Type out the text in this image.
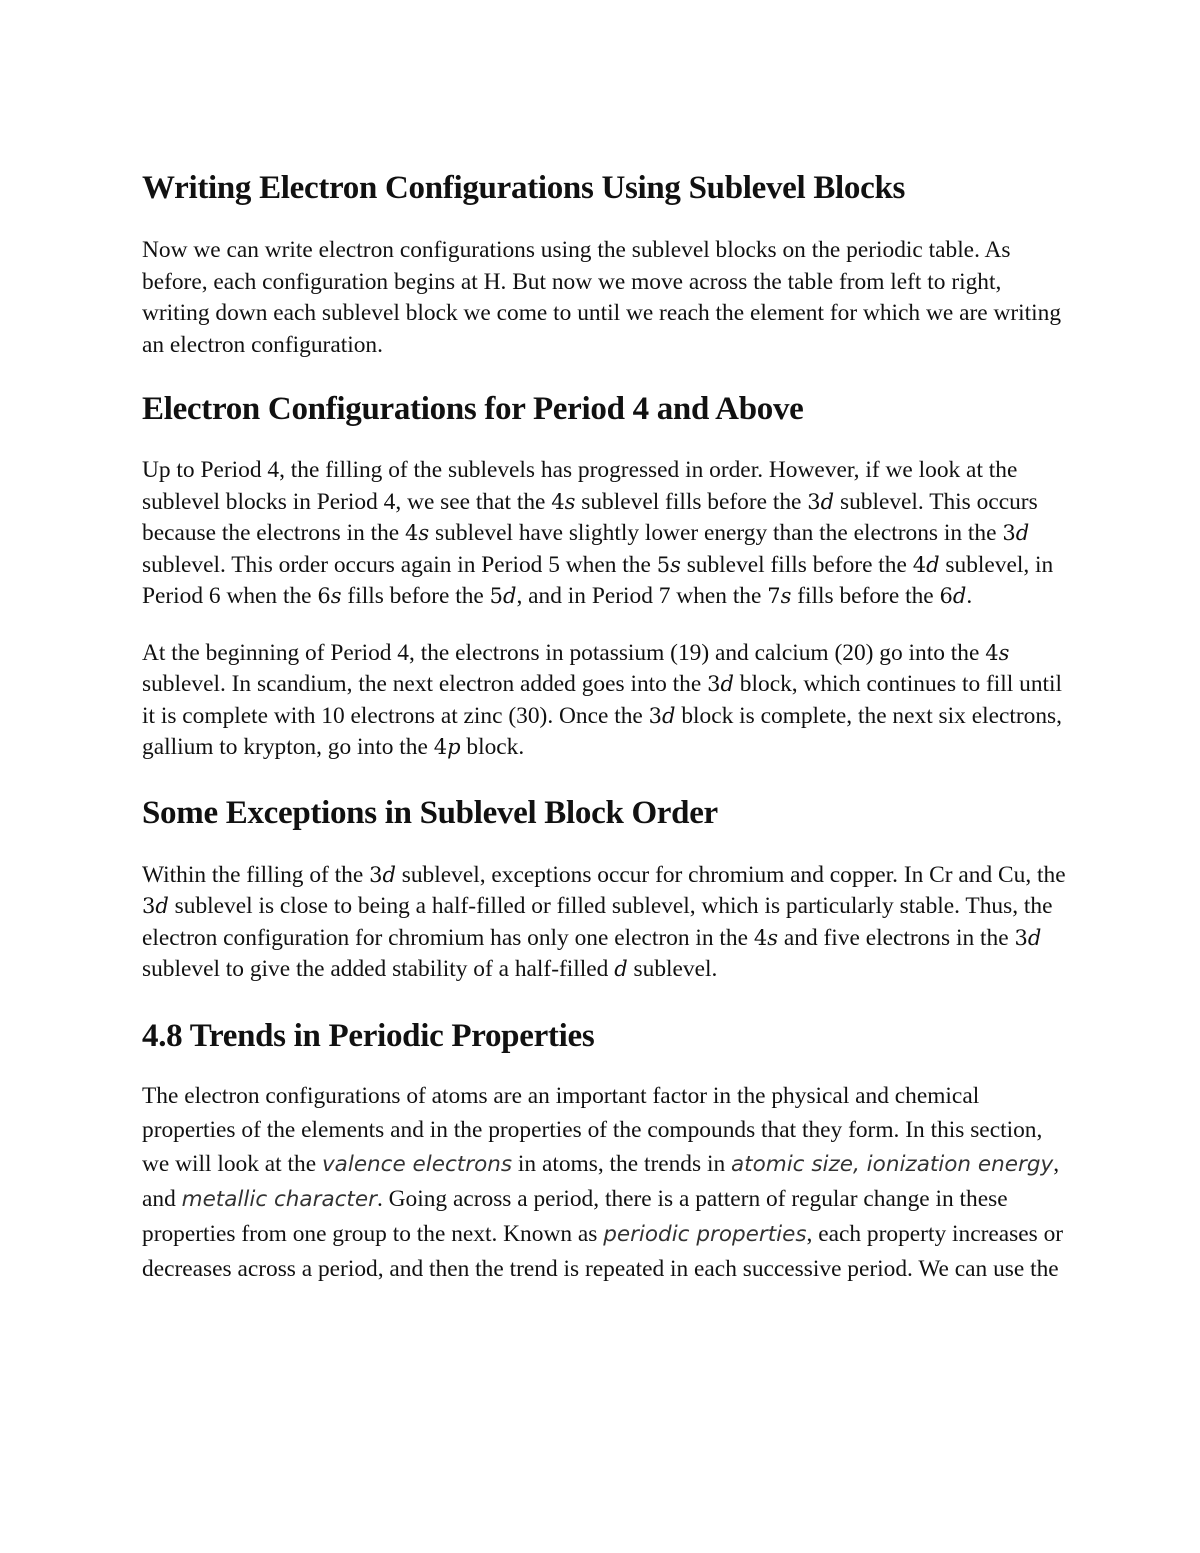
Writing Electron Configurations Using Sublevel Blocks

Now we can write electron configurations using the sublevel blocks on the periodic table. As before, each configuration begins at H. But now we move across the table from left to right, writing down each sublevel block we come to until we reach the element for which we are writing an electron configuration.

Electron Configurations for Period 4 and Above

Up to Period 4, the filling of the sublevels has progressed in order. However, if we look at the sublevel blocks in Period 4, we see that the 4s sublevel fills before the 3d sublevel. This occurs because the electrons in the 4s sublevel have slightly lower energy than the electrons in the 3d sublevel. This order occurs again in Period 5 when the 5s sublevel fills before the 4d sublevel, in Period 6 when the 6s fills before the 5d, and in Period 7 when the 7s fills before the 6d.

At the beginning of Period 4, the electrons in potassium (19) and calcium (20) go into the 4s sublevel. In scandium, the next electron added goes into the 3d block, which continues to fill until it is complete with 10 electrons at zinc (30). Once the 3d block is complete, the next six electrons, gallium to krypton, go into the 4p block.

Some Exceptions in Sublevel Block Order

Within the filling of the 3d sublevel, exceptions occur for chromium and copper. In Cr and Cu, the 3d sublevel is close to being a half-filled or filled sublevel, which is particularly stable. Thus, the electron configuration for chromium has only one electron in the 4s and five electrons in the 3d sublevel to give the added stability of a half-filled d sublevel.

4.8 Trends in Periodic Properties

The electron configurations of atoms are an important factor in the physical and chemical properties of the elements and in the properties of the compounds that they form. In this section, we will look at the valence electrons in atoms, the trends in atomic size, ionization energy, and metallic character. Going across a period, there is a pattern of regular change in these properties from one group to the next. Known as periodic properties, each property increases or decreases across a period, and then the trend is repeated in each successive period. We can use the
